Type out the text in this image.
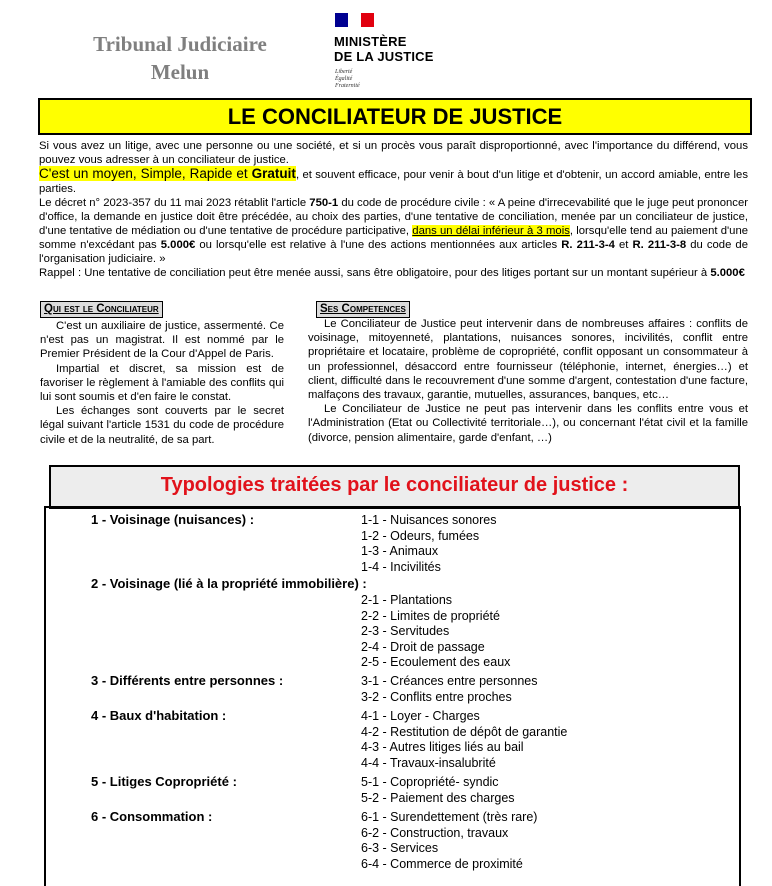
Tribunal Judiciaire
Melun
MINISTÈRE
DE LA JUSTICE
Liberté
Égalité
Fraternité
LE CONCILIATEUR DE JUSTICE

Si vous avez un litige, avec une personne ou une société, et si un procès vous paraît disproportionné, avec l'importance du différend, vous pouvez vous adresser à un conciliateur de justice.

C'est un moyen, Simple, Rapide et Gratuit, et souvent efficace, pour venir à bout d'un litige et d'obtenir, un accord amiable, entre les parties.

Le décret n° 2023-357 du 11 mai 2023 rétablit l'article 750-1 du code de procédure civile : « A peine d'irrecevabilité que le juge peut prononcer d'office, la demande en justice doit être précédée, au choix des parties, d'une tentative de conciliation, menée par un conciliateur de justice, d'une tentative de médiation ou d'une tentative de procédure participative, dans un délai inférieur à 3 mois, lorsqu'elle tend au paiement d'une somme n'excédant pas 5.000€ ou lorsqu'elle est relative à l'une des actions mentionnées aux articles R. 211-3-4 et R. 211-3-8 du code de l'organisation judiciaire. »

Rappel : Une tentative de conciliation peut être menée aussi, sans être obligatoire, pour des litiges portant sur un montant supérieur à 5.000€

Qui est le Conciliateur

C'est un auxiliaire de justice, assermenté. Ce n'est pas un magistrat. Il est nommé par le Premier Président de la Cour d'Appel de Paris.

Impartial et discret, sa mission est de favoriser le règlement à l'amiable des conflits qui lui sont soumis et d'en faire le constat.

Les échanges sont couverts par le secret légal suivant l'article 1531 du code de procédure civile et de la neutralité, de sa part.

Ses Competences

Le Conciliateur de Justice peut intervenir dans de nombreuses affaires : conflits de voisinage, mitoyenneté, plantations, nuisances sonores, incivilités, conflit entre propriétaire et locataire, problème de copropriété, conflit opposant un consommateur à un professionnel, désaccord entre fournisseur (téléphonie, internet, énergies…) et client, difficulté dans le recouvrement d'une somme d'argent, contestation d'une facture, malfaçons des travaux, garantie, mutuelles, assurances, banques, etc…

Le Conciliateur de Justice ne peut pas intervenir dans les conflits entre vous et l'Administration (Etat ou Collectivité territoriale…), ou concernant l'état civil et la famille (divorce, pension alimentaire, garde d'enfant, …)

Typologies traitées par le conciliateur de justice :
1 - Voisinage (nuisances) :	1-1 - Nuisances sonores
1-2 - Odeurs, fumées
1-3 - Animaux
1-4 - Incivilités
2 - Voisinage (lié à la propriété immobilière) :
2-1 - Plantations
2-2 - Limites de propriété
2-3 - Servitudes
2-4 - Droit de passage
2-5 - Ecoulement des eaux
3 - Différents entre personnes :	3-1 - Créances entre personnes
3-2 - Conflits entre proches
4 - Baux d'habitation :	4-1 - Loyer - Charges
4-2 - Restitution de dépôt de garantie
4-3 - Autres litiges liés au bail
4-4 - Travaux-insalubrité
5 - Litiges Copropriété :	5-1 - Copropriété- syndic
5-2 - Paiement des charges
6 - Consommation :	6-1 - Surendettement (très rare)
6-2 - Construction, travaux
6-3 - Services
6-4 - Commerce de proximité
